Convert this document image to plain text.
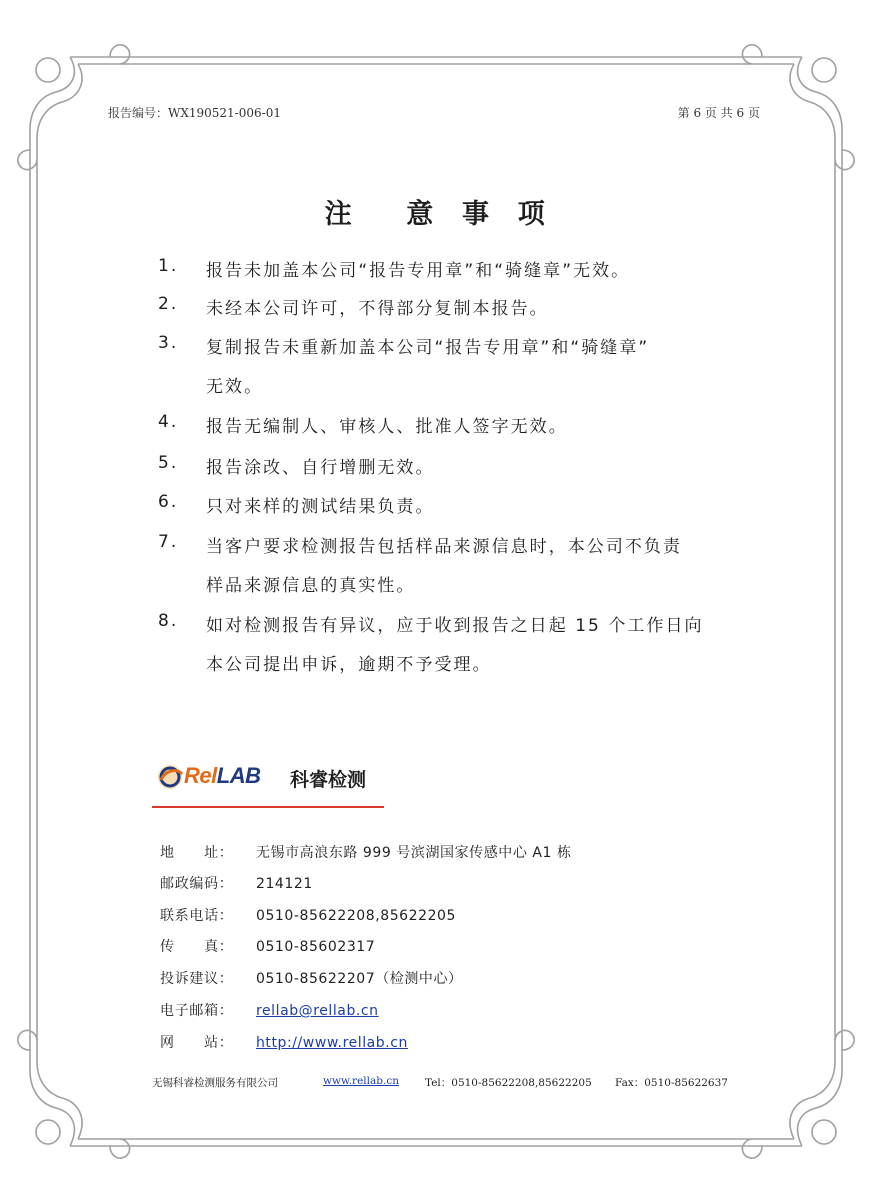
报告编号：WX190521-006-01	第 6 页 共 6 页
注 意 事 项
1.	报告未加盖本公司“报告专用章”和“骑缝章”无效。
2.	未经本公司许可，不得部分复制本报告。
3.	复制报告未重新加盖本公司“报告专用章”和“骑缝章”
无效。
4.	报告无编制人、审核人、批准人签字无效。
5.	报告涂改、自行增删无效。
6.	只对来样的测试结果负责。
7.	当客户要求检测报告包括样品来源信息时，本公司不负责
样品来源信息的真实性。
8.	如对检测报告有异议，应于收到报告之日起 15 个工作日向
本公司提出申诉，逾期不予受理。
RelLAB 科睿检测
地　　址： 无锡市高浪东路 999 号滨湖国家传感中心 A1 栋
邮政编码： 214121
联系电话： 0510-85622208,85622205
传　　真： 0510-85602317
投诉建议： 0510-85622207（检测中心）
电子邮箱： rellab@rellab.cn
网　　站： http://www.rellab.cn
无锡科睿检测服务有限公司	www.rellab.cn Tel：0510-85622208,85622205 Fax：0510-85622637
